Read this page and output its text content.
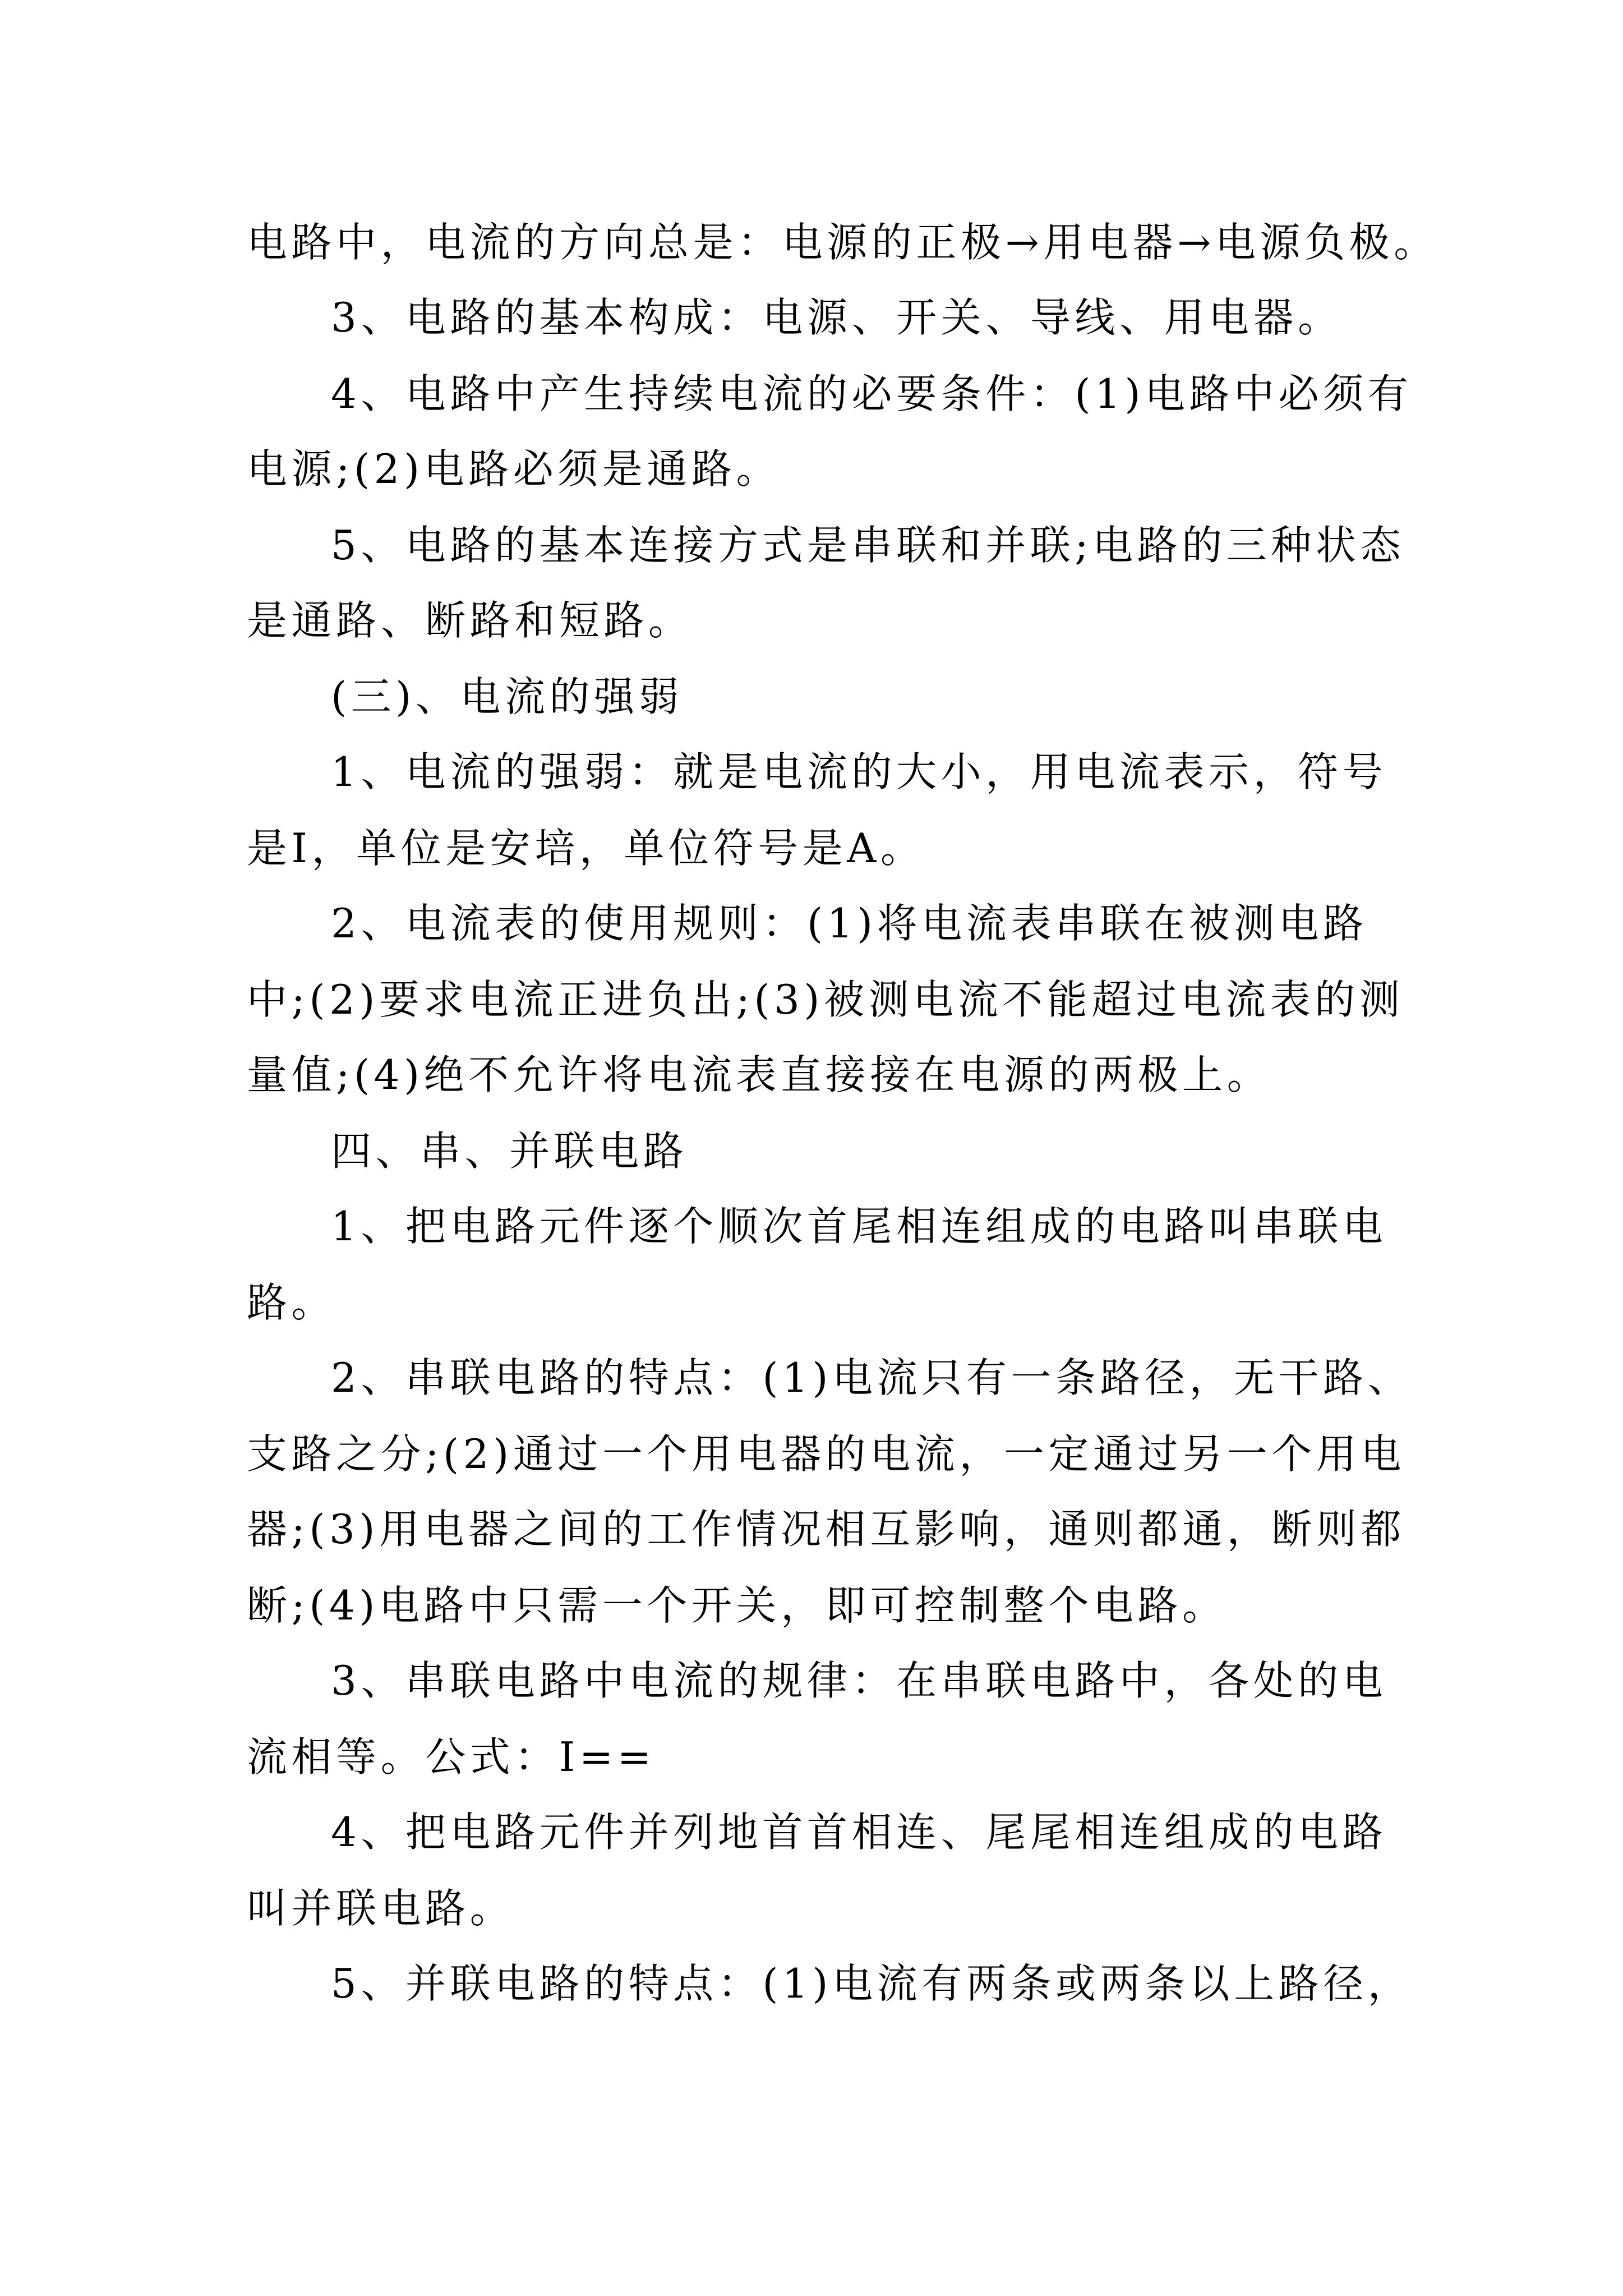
电路中，电流的方向总是：电源的正极→用电器→电源负极。
3、电路的基本构成：电源、开关、导线、用电器。
4、电路中产生持续电流的必要条件：(1)电路中必须有
电源;(2)电路必须是通路。
5、电路的基本连接方式是串联和并联;电路的三种状态
是通路、断路和短路。
(三)、电流的强弱
1、电流的强弱：就是电流的大小，用电流表示，符号
是I，单位是安培，单位符号是A。
2、电流表的使用规则：(1)将电流表串联在被测电路
中;(2)要求电流正进负出;(3)被测电流不能超过电流表的测
量值;(4)绝不允许将电流表直接接在电源的两极上。
四、串、并联电路
1、把电路元件逐个顺次首尾相连组成的电路叫串联电
路。
2、串联电路的特点：(1)电流只有一条路径，无干路、
支路之分;(2)通过一个用电器的电流，一定通过另一个用电
器;(3)用电器之间的工作情况相互影响，通则都通，断则都
断;(4)电路中只需一个开关，即可控制整个电路。
3、串联电路中电流的规律：在串联电路中，各处的电
流相等。公式：I==
4、把电路元件并列地首首相连、尾尾相连组成的电路
叫并联电路。
5、并联电路的特点：(1)电流有两条或两条以上路径，
